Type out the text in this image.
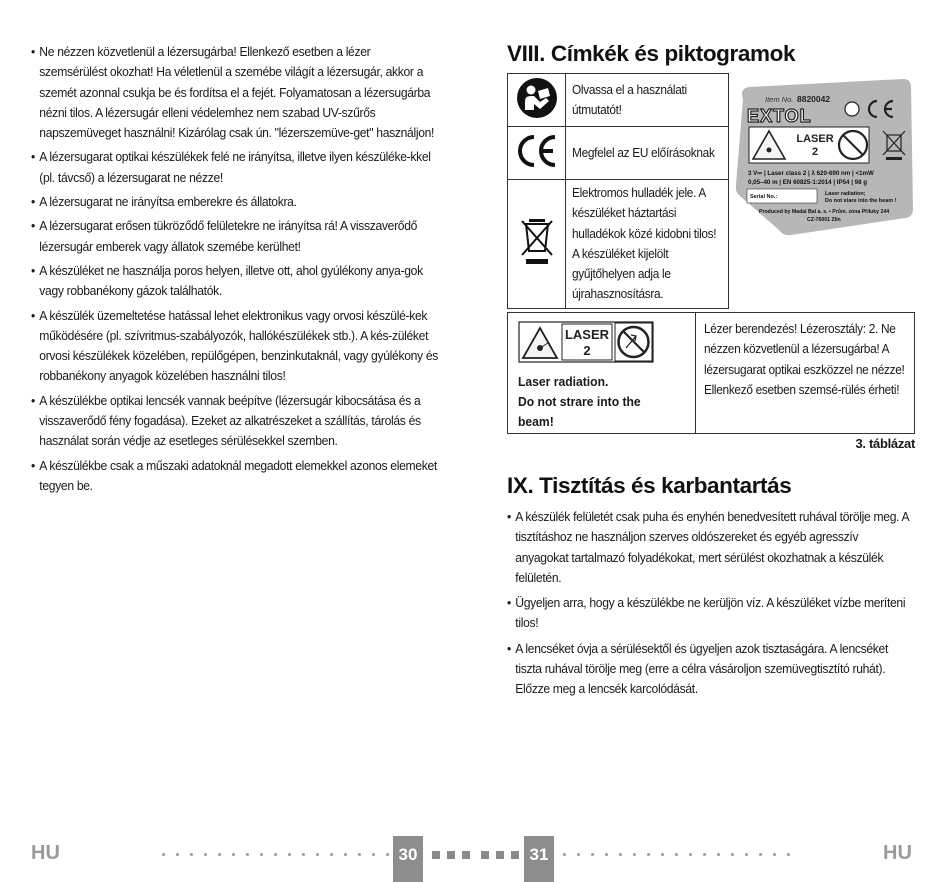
• Ne nézzen közvetlenül a lézersugárba! Ellenkező esetben a lézer szemsérülést okozhat! Ha véletlenül a szemébe világít a lézersugár, akkor a szemét azonnal csukja be és fordítsa el a fejét. Folyamatosan a lézersugárba nézni tilos. A lézersugár elleni védelemhez nem szabad UV-szűrős napszemüveget használni! Kizárólag csak ún. "lézerszemüve-get" használjon!
• A lézersugarat optikai készülékek felé ne irányítsa, illetve ilyen készüléke-kkel (pl. távcső) a lézersugarat ne nézze!
• A lézersugarat ne irányítsa emberekre és állatokra.
• A lézersugarat erősen tükröződő felületekre ne irányítsa rá! A visszaverődő lézersugár emberek vagy állatok szemébe kerülhet!
• A készüléket ne használja poros helyen, illetve ott, ahol gyúlékony anya-gok vagy robbanékony gázok találhatók.
• A készülék üzemeltetése hatással lehet elektronikus vagy orvosi készülé-kek működésére (pl. szívritmus-szabályozók, hallókészülékek stb.). A kés-züléket orvosi készülékek közelében, repülőgépen, benzinkutaknál, vagy gyúlékony és robbanékony anyagok közelében használni tilos!
• A készülékbe optikai lencsék vannak beépítve (lézersugár kibocsátása és a visszaverődő fény fogadása). Ezeket az alkatrészeket a szállítás, tárolás és használat során védje az esetleges sérülésekkel szemben.
• A készülékbe csak a műszaki adatoknál megadott elemekkel azonos elemeket tegyen be.
VIII. Címkék és piktogramok
	Olvassa el a használati útmutatót!
	Megfelel az EU előírásoknak
	Elektromos hulladék jele. A készüléket háztartási hulladékok közé kidobni tilos! A készüléket kijelölt gyűjtőhelyen adja le újrahasznosításra.
Item No. 8820042
EXTOL
LASER
2
3 V⎓ | Laser class 2 | λ 620-690 nm | <1mW
0,05–40 m | EN 60825-1:2014 | IP54 | 98 g
Serial No.:	Laser radiation;
Do not stare into the beam !
Produced by Madal Bal a. s. • Prům. zóna Příluky 244
CZ-76001 Zlín
LASER
2
Laser radiation.
Do not strare into the
beam!
Lézer berendezés! Lézerosztály: 2. Ne nézzen közvetlenül a lézersugárba! A lézersugarat optikai eszközzel ne nézze! Ellenkező esetben szemsé-rülés érheti!
3. táblázat
IX. Tisztítás és karbantartás
• A készülék felületét csak puha és enyhén benedvesített ruhával törölje meg. A tisztításhoz ne használjon szerves oldószereket és egyéb agresszív anyagokat tartalmazó folyadékokat, mert sérülést okozhatnak a készülék felületén.
• Ügyeljen arra, hogy a készülékbe ne kerüljön víz. A készüléket vízbe meríteni tilos!
• A lencséket óvja a sérülésektől és ügyeljen azok tisztaságára. A lencséket tiszta ruhával törölje meg (erre a célra vásároljon szemüvegtisztító ruhát). Előzze meg a lencsék karcolódását.
HU	HU
30	31
